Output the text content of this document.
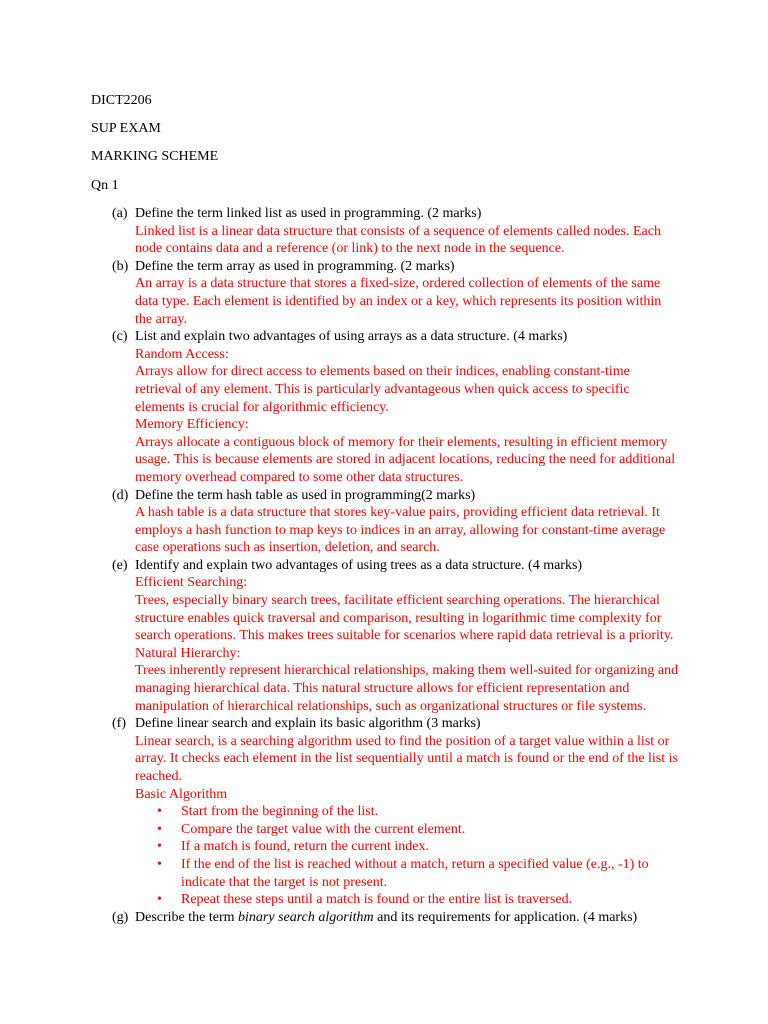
DICT2206
SUP EXAM
MARKING SCHEME
Qn 1
(a) Define the term linked list as used in programming. (2 marks)

Linked list is a linear data structure that consists of a sequence of elements called nodes. Each node contains data and a reference (or link) to the next node in the sequence.

(b) Define the term array as used in programming. (2 marks)

An array is a data structure that stores a fixed-size, ordered collection of elements of the same data type. Each element is identified by an index or a key, which represents its position within the array.

(c) List and explain two advantages of using arrays as a data structure. (4 marks)

Random Access:

Arrays allow for direct access to elements based on their indices, enabling constant-time retrieval of any element. This is particularly advantageous when quick access to specific elements is crucial for algorithmic efficiency.

Memory Efficiency:

Arrays allocate a contiguous block of memory for their elements, resulting in efficient memory usage. This is because elements are stored in adjacent locations, reducing the need for additional memory overhead compared to some other data structures.

(d) Define the term hash table as used in programming(2 marks)

A hash table is a data structure that stores key-value pairs, providing efficient data retrieval. It employs a hash function to map keys to indices in an array, allowing for constant-time average case operations such as insertion, deletion, and search.

(e) Identify and explain two advantages of using trees as a data structure. (4 marks)

Efficient Searching:

Trees, especially binary search trees, facilitate efficient searching operations. The hierarchical structure enables quick traversal and comparison, resulting in logarithmic time complexity for search operations. This makes trees suitable for scenarios where rapid data retrieval is a priority.

Natural Hierarchy:

Trees inherently represent hierarchical relationships, making them well-suited for organizing and managing hierarchical data. This natural structure allows for efficient representation and manipulation of hierarchical relationships, such as organizational structures or file systems.

(f) Define linear search and explain its basic algorithm (3 marks)

Linear search, is a searching algorithm used to find the position of a target value within a list or array. It checks each element in the list sequentially until a match is found or the end of the list is reached.

Basic Algorithm

• Start from the beginning of the list.
• Compare the target value with the current element.
• If a match is found, return the current index.
• If the end of the list is reached without a match, return a specified value (e.g., -1) to indicate that the target is not present.
• Repeat these steps until a match is found or the entire list is traversed.
(g) Describe the term binary search algorithm and its requirements for application. (4 marks)
